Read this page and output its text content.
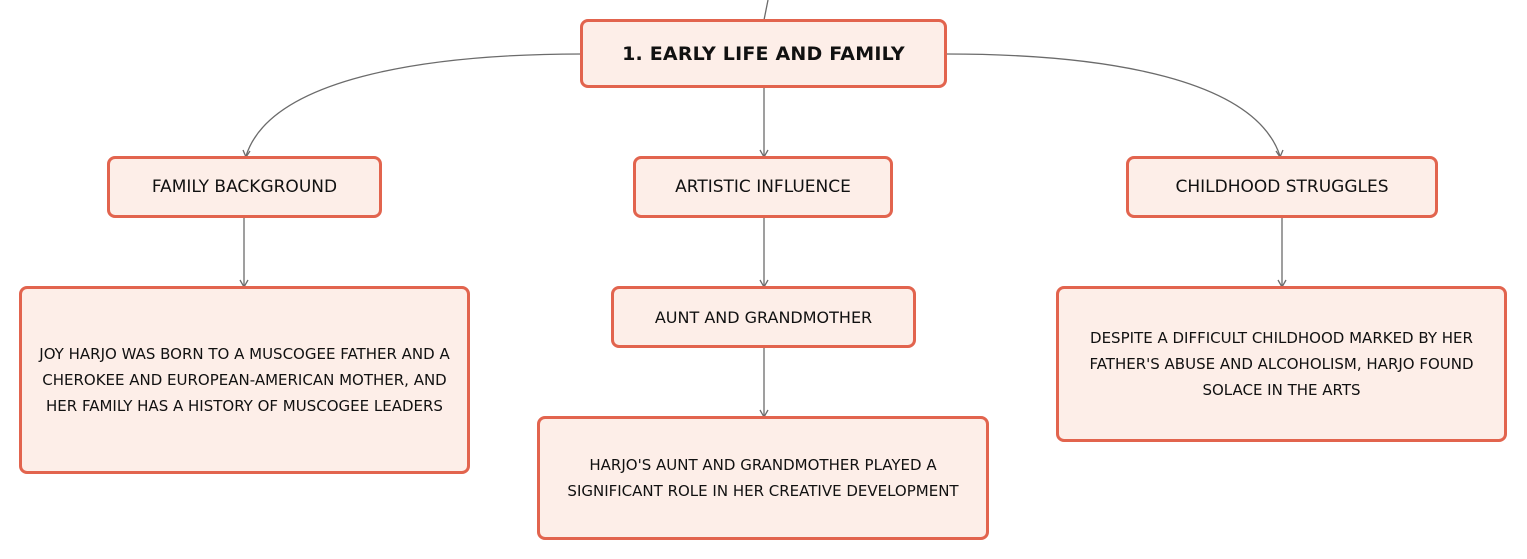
1. EARLY LIFE AND FAMILY
FAMILY BACKGROUND	ARTISTIC INFLUENCE	CHILDHOOD STRUGGLES
JOY HARJO WAS BORN TO A MUSCOGEE FATHER AND A CHEROKEE AND EUROPEAN-AMERICAN MOTHER, AND HER FAMILY HAS A HISTORY OF MUSCOGEE LEADERS
AUNT AND GRANDMOTHER
HARJO'S AUNT AND GRANDMOTHER PLAYED A SIGNIFICANT ROLE IN HER CREATIVE DEVELOPMENT
DESPITE A DIFFICULT CHILDHOOD MARKED BY HER FATHER'S ABUSE AND ALCOHOLISM, HARJO FOUND SOLACE IN THE ARTS
